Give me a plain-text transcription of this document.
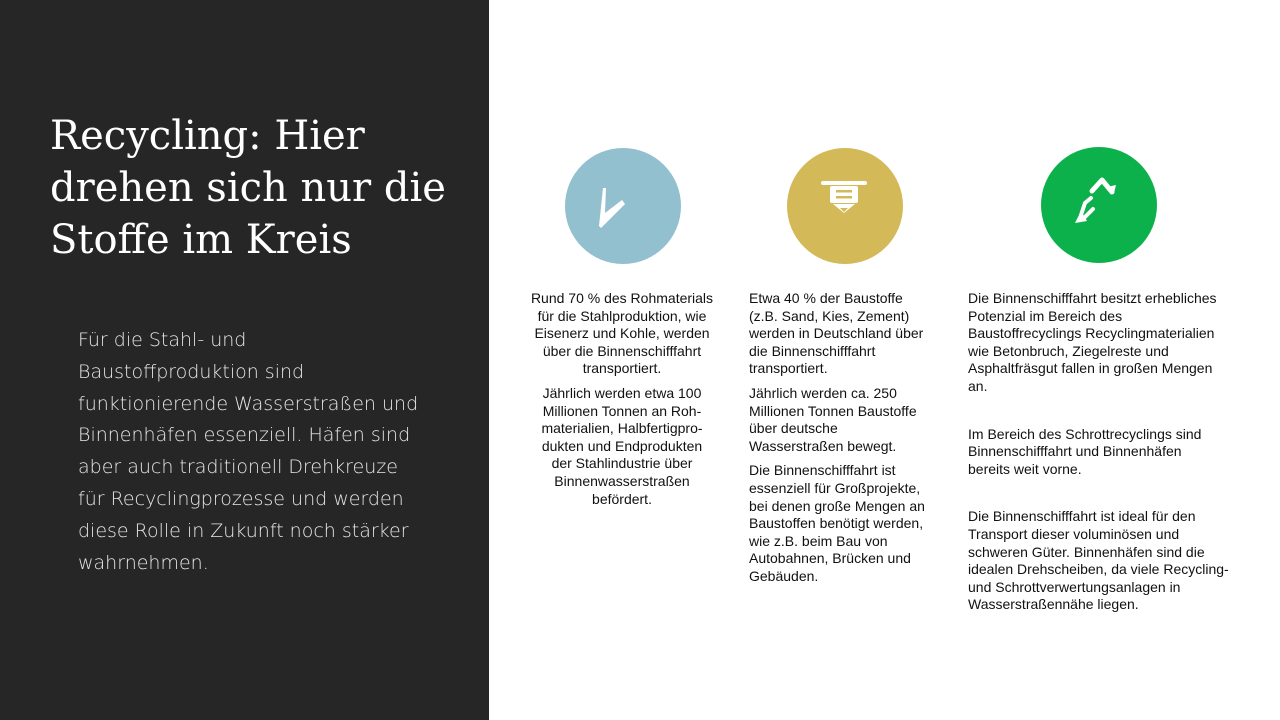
Recycling: Hier
drehen sich nur die
Stoffe im Kreis

Für die Stahl- und
Baustoffproduktion sind
funktionierende Wasserstraßen und
Binnenhäfen essenziell. Häfen sind
aber auch traditionell Drehkreuze
für Recyclingprozesse und werden
diese Rolle in Zukunft noch stärker
wahrnehmen.

Rund 70 % des Rohmaterials
für die Stahlproduktion, wie
Eisenerz und Kohle, werden
über die Binnenschifffahrt
transportiert.

Jährlich werden etwa 100
Millionen Tonnen an Roh-
materialien, Halbfertigpro-
dukten und Endprodukten
der Stahlindustrie über
Binnenwasserstraßen
befördert.

Etwa 40 % der Baustoffe
(z.B. Sand, Kies, Zement)
werden in Deutschland über
die Binnenschifffahrt
transportiert.

Jährlich werden ca. 250
Millionen Tonnen Baustoffe
über deutsche
Wasserstraßen bewegt.

Die Binnenschifffahrt ist
essenziell für Großprojekte,
bei denen große Mengen an
Baustoffen benötigt werden,
wie z.B. beim Bau von
Autobahnen, Brücken und
Gebäuden.

Die Binnenschifffahrt besitzt erhebliches
Potenzial im Bereich des
Baustoffrecyclings Recyclingmaterialien
wie Betonbruch, Ziegelreste und
Asphaltfräsgut fallen in großen Mengen
an.

Im Bereich des Schrottrecyclings sind
Binnenschifffahrt und Binnenhäfen
bereits weit vorne.

Die Binnenschifffahrt ist ideal für den
Transport dieser voluminösen und
schweren Güter. Binnenhäfen sind die
idealen Drehscheiben, da viele Recycling-
und Schrottverwertungsanlagen in
Wasserstraßennähe liegen.
